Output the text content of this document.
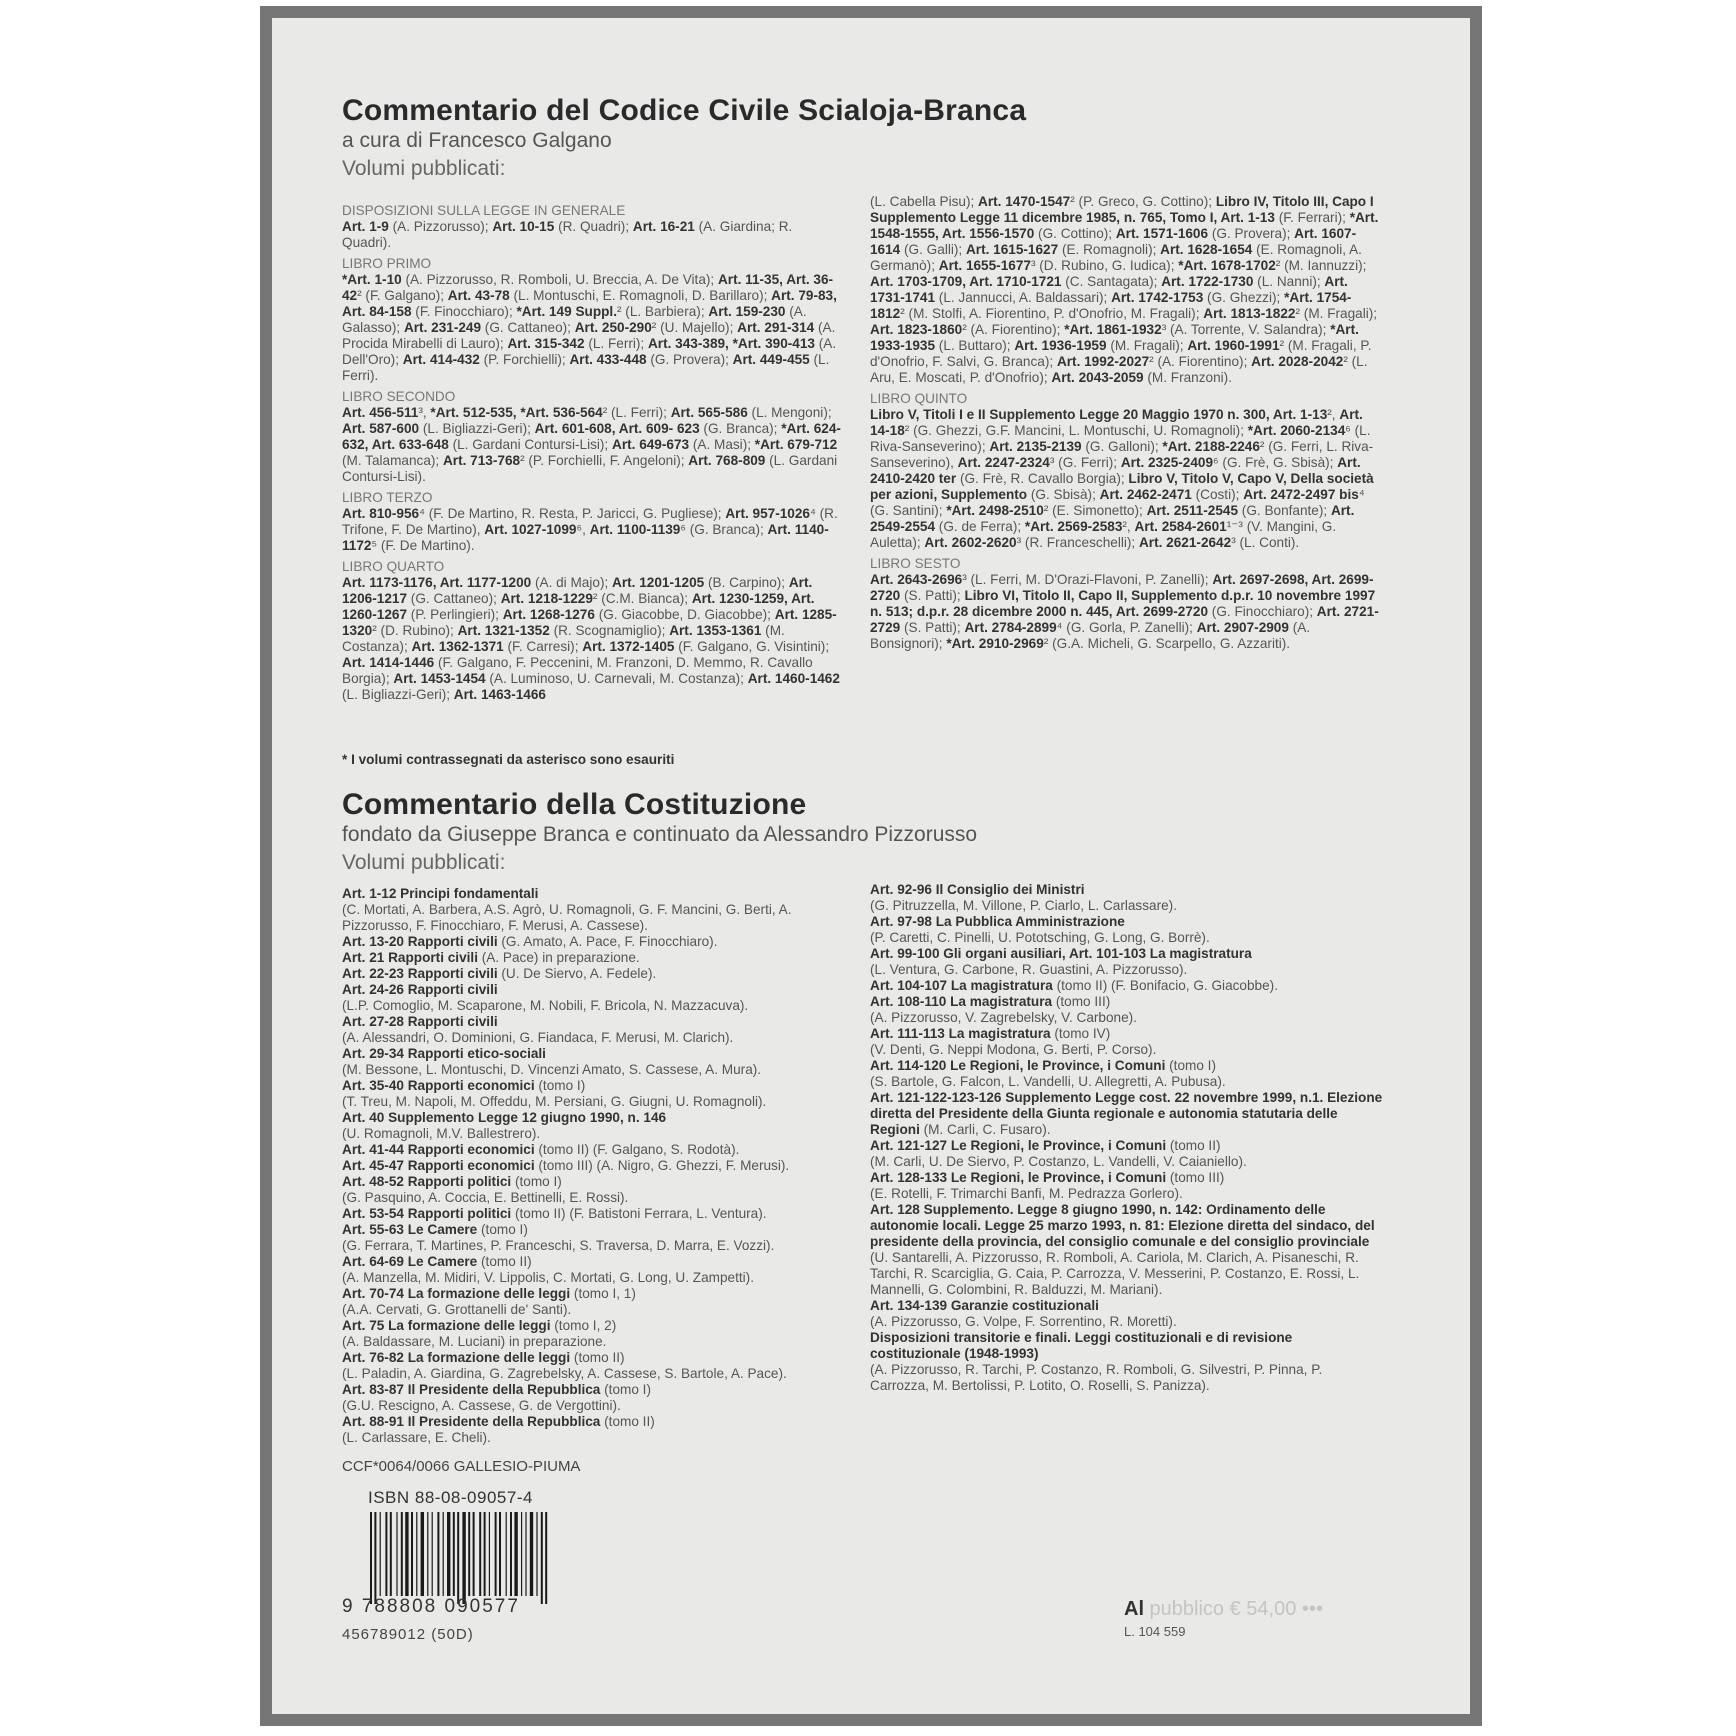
Commentario del Codice Civile Scialoja-Branca
a cura di Francesco Galgano
Volumi pubblicati:

DISPOSIZIONI SULLA LEGGE IN GENERALE

Art. 1-9 (A. Pizzorusso); Art. 10-15 (R. Quadri); Art. 16-21 (A. Giardina; R. Quadri).

LIBRO PRIMO

*Art. 1-10 (A. Pizzorusso, R. Romboli, U. Breccia, A. De Vita); Art. 11-35, Art. 36-42² (F. Galgano); Art. 43-78 (L. Montuschi, E. Romagnoli, D. Barillaro); Art. 79-83, Art. 84-158 (F. Finocchiaro); *Art. 149 Suppl.² (L. Barbiera); Art. 159-230 (A. Galasso); Art. 231-249 (G. Cattaneo); Art. 250-290² (U. Majello); Art. 291-314 (A. Procida Mirabelli di Lauro); Art. 315-342 (L. Ferri); Art. 343-389, *Art. 390-413 (A. Dell'Oro); Art. 414-432 (P. Forchielli); Art. 433-448 (G. Provera); Art. 449-455 (L. Ferri).

LIBRO SECONDO

Art. 456-511³, *Art. 512-535, *Art. 536-564² (L. Ferri); Art. 565-586 (L. Mengoni); Art. 587-600 (L. Bigliazzi-Geri); Art. 601-608, Art. 609- 623 (G. Branca); *Art. 624-632, Art. 633-648 (L. Gardani Contursi-Lisi); Art. 649-673 (A. Masi); *Art. 679-712 (M. Talamanca); Art. 713-768² (P. Forchielli, F. Angeloni); Art. 768-809 (L. Gardani Contursi-Lisi).

LIBRO TERZO

Art. 810-956⁴ (F. De Martino, R. Resta, P. Jaricci, G. Pugliese); Art. 957-1026⁴ (R. Trifone, F. De Martino), Art. 1027-1099⁶, Art. 1100-1139⁶ (G. Branca); Art. 1140-1172⁵ (F. De Martino).

LIBRO QUARTO

Art. 1173-1176, Art. 1177-1200 (A. di Majo); Art. 1201-1205 (B. Carpino); Art. 1206-1217 (G. Cattaneo); Art. 1218-1229² (C.M. Bianca); Art. 1230-1259, Art. 1260-1267 (P. Perlingieri); Art. 1268-1276 (G. Giacobbe, D. Giacobbe); Art. 1285-1320² (D. Rubino); Art. 1321-1352 (R. Scognamiglio); Art. 1353-1361 (M. Costanza); Art. 1362-1371 (F. Carresi); Art. 1372-1405 (F. Galgano, G. Visintini); Art. 1414-1446 (F. Galgano, F. Peccenini, M. Franzoni, D. Memmo, R. Cavallo Borgia); Art. 1453-1454 (A. Luminoso, U. Carnevali, M. Costanza); Art. 1460-1462 (L. Bigliazzi-Geri); Art. 1463-1466

(L. Cabella Pisu); Art. 1470-1547² (P. Greco, G. Cottino); Libro IV, Titolo III, Capo I Supplemento Legge 11 dicembre 1985, n. 765, Tomo I, Art. 1-13 (F. Ferrari); *Art. 1548-1555, Art. 1556-1570 (G. Cottino); Art. 1571-1606 (G. Provera); Art. 1607-1614 (G. Galli); Art. 1615-1627 (E. Romagnoli); Art. 1628-1654 (E. Romagnoli, A. Germanò); Art. 1655-1677³ (D. Rubino, G. Iudica); *Art. 1678-1702² (M. Iannuzzi); Art. 1703-1709, Art. 1710-1721 (C. Santagata); Art. 1722-1730 (L. Nanni); Art. 1731-1741 (L. Jannucci, A. Baldassari); Art. 1742-1753 (G. Ghezzi); *Art. 1754-1812² (M. Stolfi, A. Fiorentino, P. d'Onofrio, M. Fragali); Art. 1813-1822² (M. Fragali); Art. 1823-1860² (A. Fiorentino); *Art. 1861-1932³ (A. Torrente, V. Salandra); *Art. 1933-1935 (L. Buttaro); Art. 1936-1959 (M. Fragali); Art. 1960-1991² (M. Fragali, P. d'Onofrio, F. Salvi, G. Branca); Art. 1992-2027² (A. Fiorentino); Art. 2028-2042² (L. Aru, E. Moscati, P. d'Onofrio); Art. 2043-2059 (M. Franzoni).

LIBRO QUINTO

Libro V, Titoli I e II Supplemento Legge 20 Maggio 1970 n. 300, Art. 1-13², Art. 14-18² (G. Ghezzi, G.F. Mancini, L. Montuschi, U. Romagnoli); *Art. 2060-2134⁶ (L. Riva-Sanseverino); Art. 2135-2139 (G. Galloni); *Art. 2188-2246² (G. Ferri, L. Riva-Sanseverino), Art. 2247-2324³ (G. Ferri); Art. 2325-2409⁶ (G. Frè, G. Sbisà); Art. 2410-2420 ter (G. Frè, R. Cavallo Borgia); Libro V, Titolo V, Capo V, Della società per azioni, Supplemento (G. Sbisà); Art. 2462-2471 (Costi); Art. 2472-2497 bis⁴ (G. Santini); *Art. 2498-2510² (E. Simonetto); Art. 2511-2545 (G. Bonfante); Art. 2549-2554 (G. de Ferra); *Art. 2569-2583², Art. 2584-2601¹⁻³ (V. Mangini, G. Auletta); Art. 2602-2620³ (R. Franceschelli); Art. 2621-2642³ (L. Conti).

LIBRO SESTO

Art. 2643-2696³ (L. Ferri, M. D'Orazi-Flavoni, P. Zanelli); Art. 2697-2698, Art. 2699-2720 (S. Patti); Libro VI, Titolo II, Capo II, Supplemento d.p.r. 10 novembre 1997 n. 513; d.p.r. 28 dicembre 2000 n. 445, Art. 2699-2720 (G. Finocchiaro); Art. 2721-2729 (S. Patti); Art. 2784-2899⁴ (G. Gorla, P. Zanelli); Art. 2907-2909 (A. Bonsignori); *Art. 2910-2969² (G.A. Micheli, G. Scarpello, G. Azzariti).

* I volumi contrassegnati da asterisco sono esauriti
Commentario della Costituzione
fondato da Giuseppe Branca e continuato da Alessandro Pizzorusso
Volumi pubblicati:

Art. 1-12 Principi fondamentali

(C. Mortati, A. Barbera, A.S. Agrò, U. Romagnoli, G. F. Mancini, G. Berti, A. Pizzorusso, F. Finocchiaro, F. Merusi, A. Cassese).

Art. 13-20 Rapporti civili (G. Amato, A. Pace, F. Finocchiaro).

Art. 21 Rapporti civili (A. Pace) in preparazione.

Art. 22-23 Rapporti civili (U. De Siervo, A. Fedele).

Art. 24-26 Rapporti civili

(L.P. Comoglio, M. Scaparone, M. Nobili, F. Bricola, N. Mazzacuva).

Art. 27-28 Rapporti civili

(A. Alessandri, O. Dominioni, G. Fiandaca, F. Merusi, M. Clarich).

Art. 29-34 Rapporti etico-sociali

(M. Bessone, L. Montuschi, D. Vincenzi Amato, S. Cassese, A. Mura).

Art. 35-40 Rapporti economici (tomo I)

(T. Treu, M. Napoli, M. Offeddu, M. Persiani, G. Giugni, U. Romagnoli).

Art. 40 Supplemento Legge 12 giugno 1990, n. 146

(U. Romagnoli, M.V. Ballestrero).

Art. 41-44 Rapporti economici (tomo II) (F. Galgano, S. Rodotà).

Art. 45-47 Rapporti economici (tomo III) (A. Nigro, G. Ghezzi, F. Merusi).

Art. 48-52 Rapporti politici (tomo I)

(G. Pasquino, A. Coccia, E. Bettinelli, E. Rossi).

Art. 53-54 Rapporti politici (tomo II) (F. Batistoni Ferrara, L. Ventura).

Art. 55-63 Le Camere (tomo I)

(G. Ferrara, T. Martines, P. Franceschi, S. Traversa, D. Marra, E. Vozzi).

Art. 64-69 Le Camere (tomo II)

(A. Manzella, M. Midiri, V. Lippolis, C. Mortati, G. Long, U. Zampetti).

Art. 70-74 La formazione delle leggi (tomo I, 1)

(A.A. Cervati, G. Grottanelli de' Santi).

Art. 75 La formazione delle leggi (tomo I, 2)

(A. Baldassare, M. Luciani) in preparazione.

Art. 76-82 La formazione delle leggi (tomo II)

(L. Paladin, A. Giardina, G. Zagrebelsky, A. Cassese, S. Bartole, A. Pace).

Art. 83-87 Il Presidente della Repubblica (tomo I)

(G.U. Rescigno, A. Cassese, G. de Vergottini).

Art. 88-91 Il Presidente della Repubblica (tomo II)

(L. Carlassare, E. Cheli).

Art. 92-96 Il Consiglio dei Ministri

(G. Pitruzzella, M. Villone, P. Ciarlo, L. Carlassare).

Art. 97-98 La Pubblica Amministrazione

(P. Caretti, C. Pinelli, U. Pototsching, G. Long, G. Borrè).

Art. 99-100 Gli organi ausiliari, Art. 101-103 La magistratura

(L. Ventura, G. Carbone, R. Guastini, A. Pizzorusso).

Art. 104-107 La magistratura (tomo II) (F. Bonifacio, G. Giacobbe).

Art. 108-110 La magistratura (tomo III)

(A. Pizzorusso, V. Zagrebelsky, V. Carbone).

Art. 111-113 La magistratura (tomo IV)

(V. Denti, G. Neppi Modona, G. Berti, P. Corso).

Art. 114-120 Le Regioni, le Province, i Comuni (tomo I)

(S. Bartole, G. Falcon, L. Vandelli, U. Allegretti, A. Pubusa).

Art. 121-122-123-126 Supplemento Legge cost. 22 novembre 1999, n.1. Elezione diretta del Presidente della Giunta regionale e autonomia statutaria delle Regioni (M. Carli, C. Fusaro).

Art. 121-127 Le Regioni, le Province, i Comuni (tomo II)

(M. Carli, U. De Siervo, P. Costanzo, L. Vandelli, V. Caianiello).

Art. 128-133 Le Regioni, le Province, i Comuni (tomo III)

(E. Rotelli, F. Trimarchi Banfi, M. Pedrazza Gorlero).

Art. 128 Supplemento. Legge 8 giugno 1990, n. 142: Ordinamento delle autonomie locali. Legge 25 marzo 1993, n. 81: Elezione diretta del sindaco, del presidente della provincia, del consiglio comunale e del consiglio provinciale

(U. Santarelli, A. Pizzorusso, R. Romboli, A. Cariola, M. Clarich, A. Pisaneschi, R. Tarchi, R. Scarciglia, G. Caia, P. Carrozza, V. Messerini, P. Costanzo, E. Rossi, L. Mannelli, G. Colombini, R. Balduzzi, M. Mariani).

Art. 134-139 Garanzie costituzionali

(A. Pizzorusso, G. Volpe, F. Sorrentino, R. Moretti).

Disposizioni transitorie e finali. Leggi costituzionali e di revisione costituzionale (1948-1993)

(A. Pizzorusso, R. Tarchi, P. Costanzo, R. Romboli, G. Silvestri, P. Pinna, P. Carrozza, M. Bertolissi, P. Lotito, O. Roselli, S. Panizza).

CCF*0064/0066 GALLESIO-PIUMA
ISBN 88-08-09057-4
9 788808 090577
456789012 (50D)
Al pubblico € 54,00 •••
L. 104 559
